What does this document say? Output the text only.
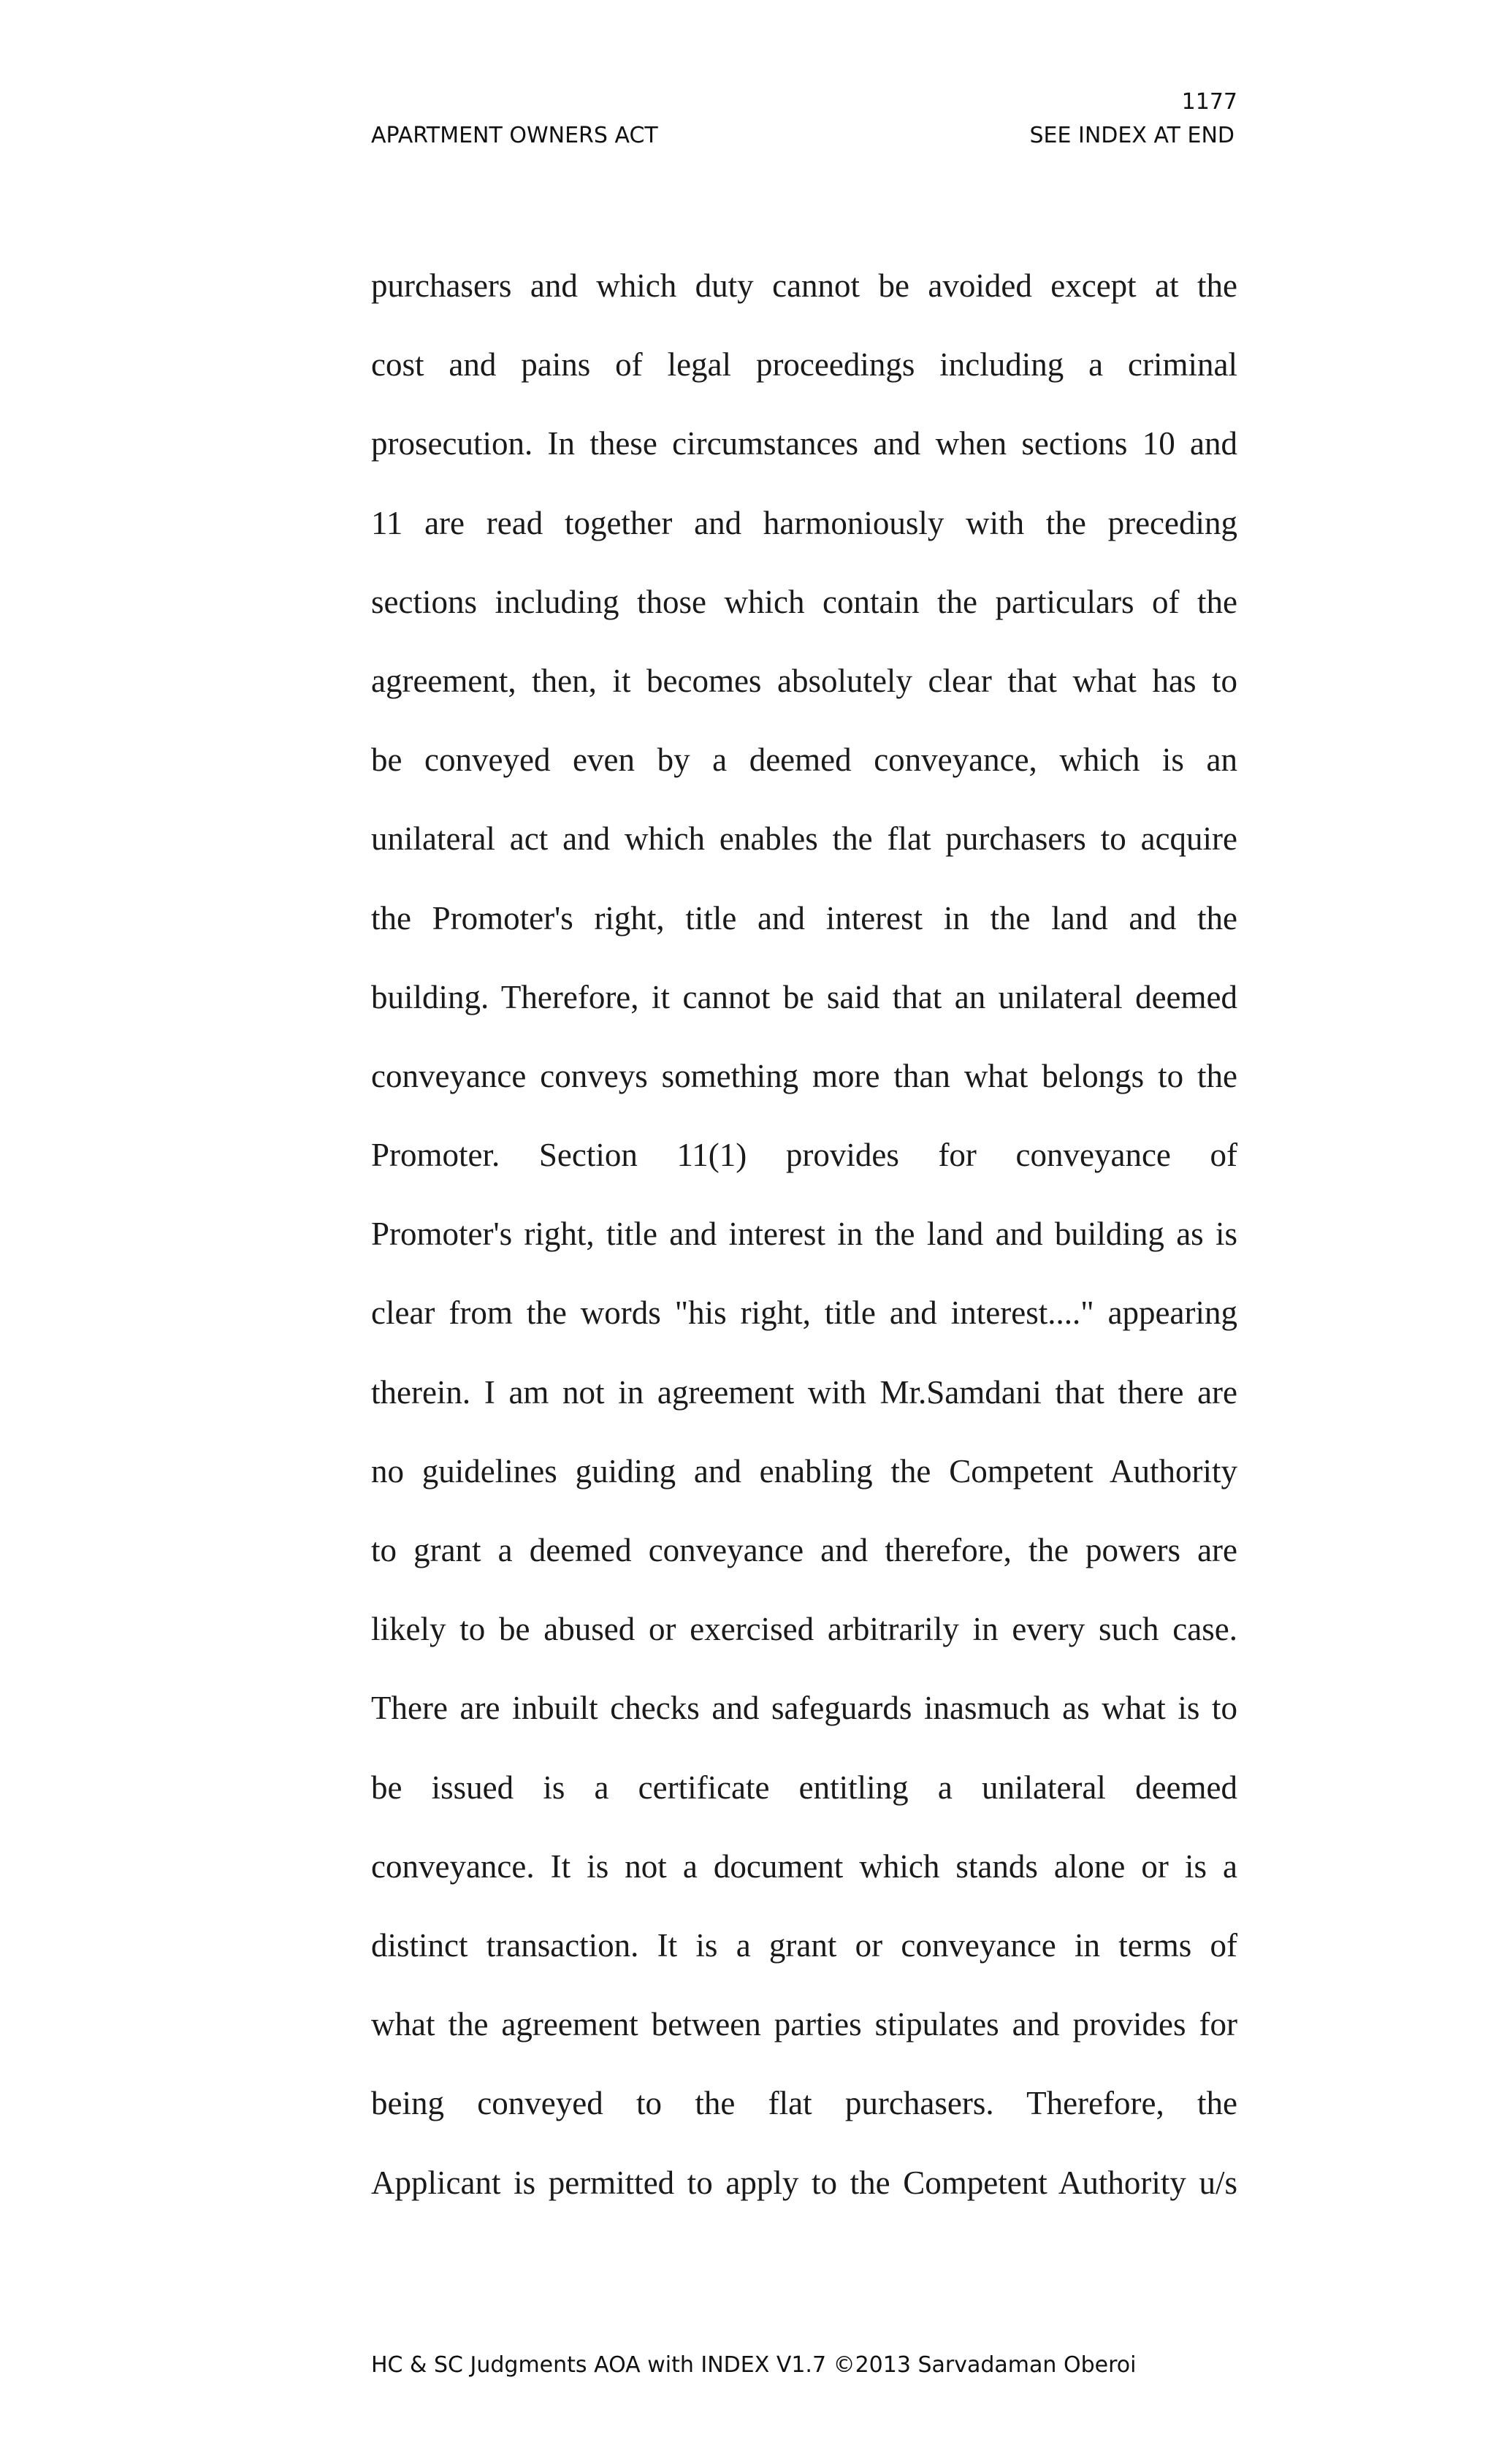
1177
APARTMENT OWNERS ACT	SEE INDEX AT END
purchasers and which duty cannot be avoided except at the
cost and pains of legal proceedings including a criminal
prosecution. In these circumstances and when sections 10 and
11 are read together and harmoniously with the preceding
sections including those which contain the particulars of the
agreement, then, it becomes absolutely clear that what has to
be conveyed even by a deemed conveyance, which is an
unilateral act and which enables the flat purchasers to acquire
the Promoter's right, title and interest in the land and the
building. Therefore, it cannot be said that an unilateral deemed
conveyance conveys something more than what belongs to the
Promoter. Section 11(1) provides for conveyance of
Promoter's right, title and interest in the land and building as is
clear from the words "his right, title and interest...." appearing
therein. I am not in agreement with Mr.Samdani that there are
no guidelines guiding and enabling the Competent Authority
to grant a deemed conveyance and therefore, the powers are
likely to be abused or exercised arbitrarily in every such case.
There are inbuilt checks and safeguards inasmuch as what is to
be issued is a certificate entitling a unilateral deemed
conveyance. It is not a document which stands alone or is a
distinct transaction. It is a grant or conveyance in terms of
what the agreement between parties stipulates and provides for
being conveyed to the flat purchasers. Therefore, the
Applicant is permitted to apply to the Competent Authority u/s
HC & SC Judgments AOA with INDEX V1.7 ©2013 Sarvadaman Oberoi
